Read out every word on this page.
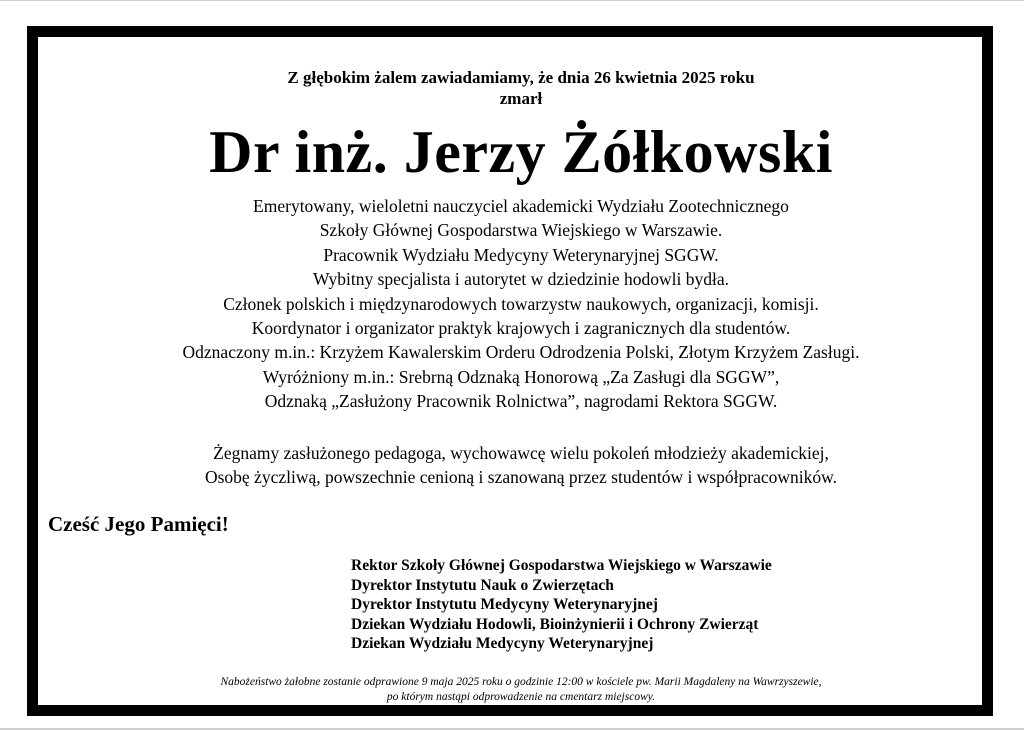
Z głębokim żalem zawiadamiamy, że dnia 26 kwietnia 2025 roku
zmarł
Dr inż. Jerzy Żółkowski
Emerytowany, wieloletni nauczyciel akademicki Wydziału Zootechnicznego
Szkoły Głównej Gospodarstwa Wiejskiego w Warszawie.
Pracownik Wydziału Medycyny Weterynaryjnej SGGW.
Wybitny specjalista i autorytet w dziedzinie hodowli bydła.
Członek polskich i międzynarodowych towarzystw naukowych, organizacji, komisji.
Koordynator i organizator praktyk krajowych i zagranicznych dla studentów.
Odznaczony m.in.: Krzyżem Kawalerskim Orderu Odrodzenia Polski, Złotym Krzyżem Zasługi.
Wyróżniony m.in.: Srebrną Odznaką Honorową „Za Zasługi dla SGGW”,
Odznaką „Zasłużony Pracownik Rolnictwa”, nagrodami Rektora SGGW.
Żegnamy zasłużonego pedagoga, wychowawcę wielu pokoleń młodzieży akademickiej,
Osobę życzliwą, powszechnie cenioną i szanowaną przez studentów i współpracowników.
Cześć Jego Pamięci!
Rektor Szkoły Głównej Gospodarstwa Wiejskiego w Warszawie
Dyrektor Instytutu Nauk o Zwierzętach
Dyrektor Instytutu Medycyny Weterynaryjnej
Dziekan Wydziału Hodowli, Bioinżynierii i Ochrony Zwierząt
Dziekan Wydziału Medycyny Weterynaryjnej
Nabożeństwo żałobne zostanie odprawione 9 maja 2025 roku o godzinie 12:00 w kościele pw. Marii Magdaleny na Wawrzyszewie,
po którym nastąpi odprowadzenie na cmentarz miejscowy.
